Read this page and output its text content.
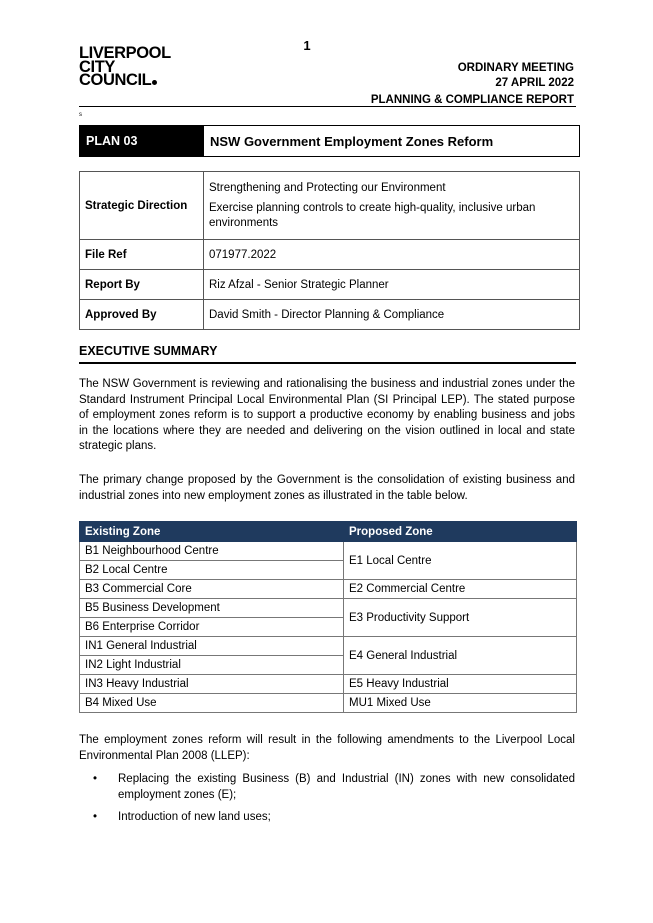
1
LIVERPOOL
CITY
COUNCIL
ORDINARY MEETING
27 APRIL 2022
PLANNING & COMPLIANCE REPORT
s
PLAN 03	NSW Government Employment Zones Reform
Strategic Direction	Strengthening and Protecting our Environment

Exercise planning controls to create high-quality, inclusive urban environments

File Ref	071977.2022
Report By	Riz Afzal - Senior Strategic Planner
Approved By	David Smith - Director Planning & Compliance
EXECUTIVE SUMMARY

The NSW Government is reviewing and rationalising the business and industrial zones under the Standard Instrument Principal Local Environmental Plan (SI Principal LEP). The stated purpose of employment zones reform is to support a productive economy by enabling business and jobs in the locations where they are needed and delivering on the vision outlined in local and state strategic plans.

The primary change proposed by the Government is the consolidation of existing business and industrial zones into new employment zones as illustrated in the table below.

Existing Zone	Proposed Zone
B1 Neighbourhood Centre	E1 Local Centre
B2 Local Centre	
B3 Commercial Core	E2 Commercial Centre
B5 Business Development	E3 Productivity Support
B6 Enterprise Corridor	
IN1 General Industrial	E4 General Industrial
IN2 Light Industrial	
IN3 Heavy Industrial	E5 Heavy Industrial
B4 Mixed Use	MU1 Mixed Use

The employment zones reform will result in the following amendments to the Liverpool Local Environmental Plan 2008 (LLEP):

• Replacing the existing Business (B) and Industrial (IN) zones with new consolidated employment zones (E);
• Introduction of new land uses;
